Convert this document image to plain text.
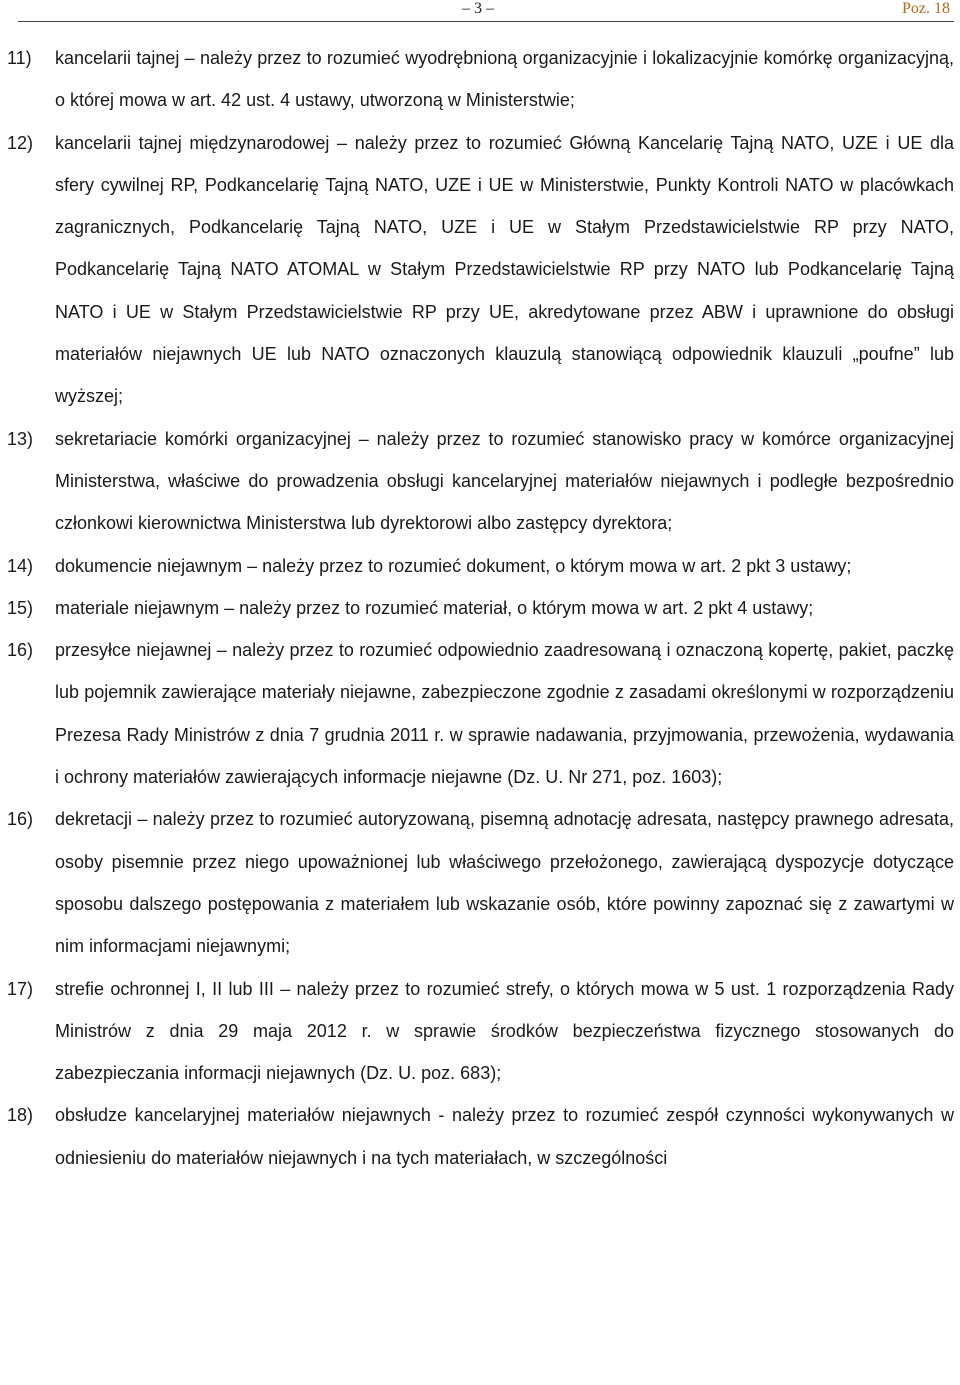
– 3 –	Poz. 18
11) kancelarii tajnej – należy przez to rozumieć wyodrębnioną organizacyjnie i lokalizacyjnie komórkę organizacyjną, o której mowa w art. 42 ust. 4 ustawy, utworzoną w Ministerstwie;
12) kancelarii tajnej międzynarodowej – należy przez to rozumieć Główną Kancelarię Tajną NATO, UZE i UE dla sfery cywilnej RP, Podkancelarię Tajną NATO, UZE i UE w Ministerstwie, Punkty Kontroli NATO w placówkach zagranicznych, Podkancelarię Tajną NATO, UZE i UE w Stałym Przedstawicielstwie RP przy NATO, Podkancelarię Tajną NATO ATOMAL w Stałym Przedstawicielstwie RP przy NATO lub Podkancelarię Tajną NATO i UE w Stałym Przedstawicielstwie RP przy UE, akredytowane przez ABW i uprawnione do obsługi materiałów niejawnych UE lub NATO oznaczonych klauzulą stanowiącą odpowiednik klauzuli „poufne” lub wyższej;
13) sekretariacie komórki organizacyjnej – należy przez to rozumieć stanowisko pracy w komórce organizacyjnej Ministerstwa, właściwe do prowadzenia obsługi kancelaryjnej materiałów niejawnych i podległe bezpośrednio członkowi kierownictwa Ministerstwa lub dyrektorowi albo zastępcy dyrektora;
14) dokumencie niejawnym – należy przez to rozumieć dokument, o którym mowa w art. 2 pkt 3 ustawy;
15) materiale niejawnym – należy przez to rozumieć materiał, o którym mowa w art. 2 pkt 4 ustawy;
16) przesyłce niejawnej – należy przez to rozumieć odpowiednio zaadresowaną i oznaczoną kopertę, pakiet, paczkę lub pojemnik zawierające materiały niejawne, zabezpieczone zgodnie z zasadami określonymi w rozporządzeniu Prezesa Rady Ministrów z dnia 7 grudnia 2011 r. w sprawie nadawania, przyjmowania, przewożenia, wydawania i ochrony materiałów zawierających informacje niejawne (Dz. U. Nr 271, poz. 1603);
16) dekretacji – należy przez to rozumieć autoryzowaną, pisemną adnotację adresata, następcy prawnego adresata, osoby pisemnie przez niego upoważnionej lub właściwego przełożonego, zawierającą dyspozycje dotyczące sposobu dalszego postępowania z materiałem lub wskazanie osób, które powinny zapoznać się z zawartymi w nim informacjami niejawnymi;
17) strefie ochronnej I, II lub III – należy przez to rozumieć strefy, o których mowa w 5 ust. 1 rozporządzenia Rady Ministrów z dnia 29 maja 2012 r. w sprawie środków bezpieczeństwa fizycznego stosowanych do zabezpieczania informacji niejawnych (Dz. U. poz. 683);
18) obsłudze kancelaryjnej materiałów niejawnych - należy przez to rozumieć zespół czynności wykonywanych w odniesieniu do materiałów niejawnych i na tych materiałach, w szczególności
